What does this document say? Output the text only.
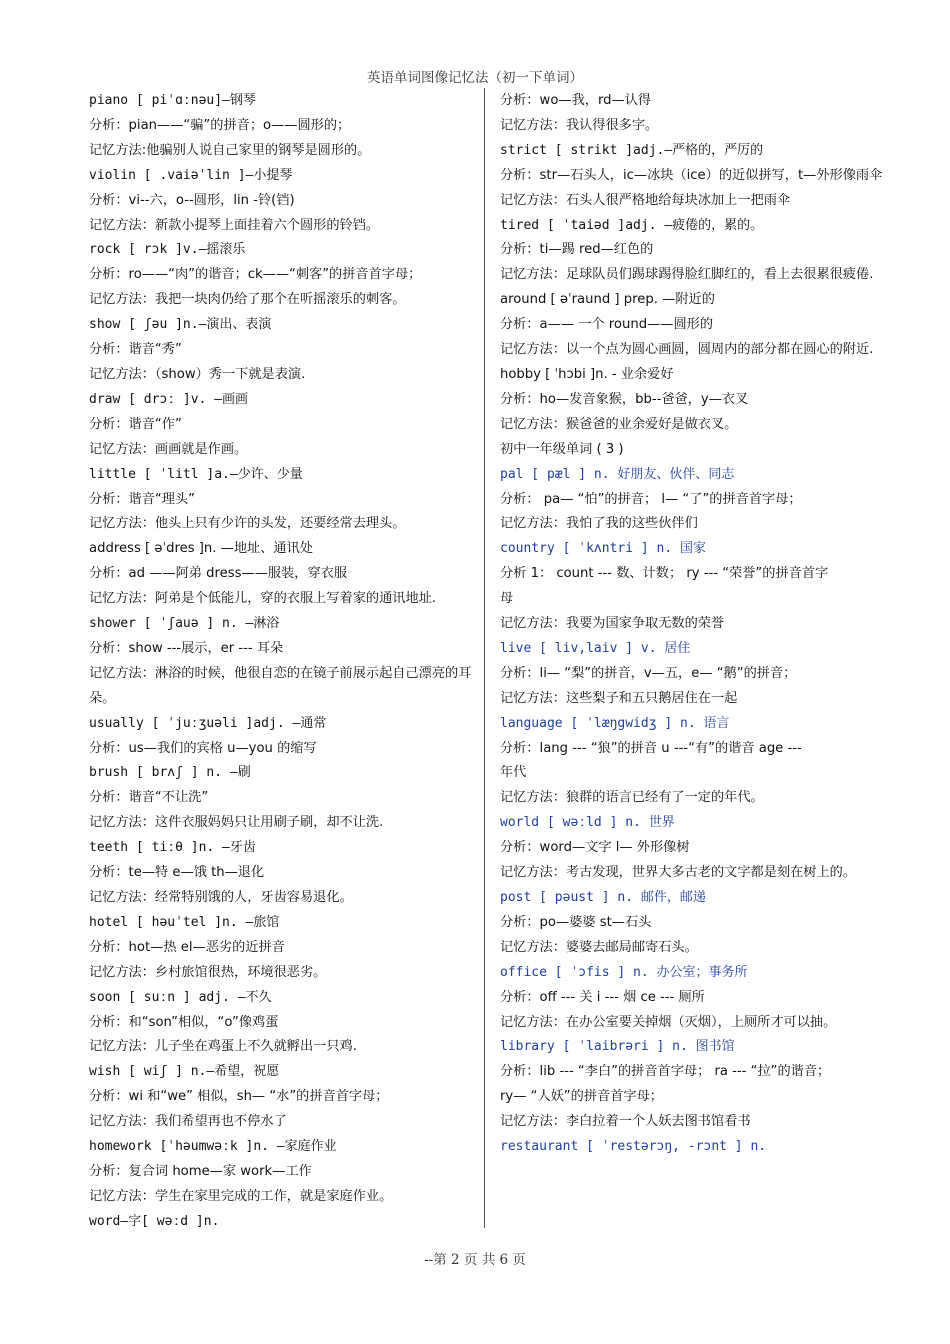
英语单词图像记忆法（初一下单词）
piano [ piˈɑːnəu]—钢琴
分析：pian——“骗”的拼音；o——圆形的；
记忆方法:他骗别人说自己家里的钢琴是圆形的。
violin [ .vaiəˈlin ]—小提琴
分析：vi--六，o--圆形，lin -铃(铛)
记忆方法：新款小提琴上面挂着六个圆形的铃铛。
rock [ rɔk ]v.—摇滚乐
分析：ro——“肉”的谐音；ck——“刺客”的拼音首字母；
记忆方法：我把一块肉仍给了那个在听摇滚乐的刺客。
show [ ʃəu ]n.—演出、表演
分析：谐音“秀”
记忆方法：（show）秀一下就是表演.
draw [ drɔː ]v. —画画
分析：谐音“作”
记忆方法：画画就是作画。
little [ ˈlitl ]a.—少许、少量
分析：谐音“理头”
记忆方法：他头上只有少许的头发，还要经常去理头。
address [ əˈdres ]n. —地址、通讯处
分析：ad ——阿弟 dress——服装，穿衣服
记忆方法：阿弟是个低能儿，穿的衣服上写着家的通讯地址.
shower [ ˈʃauə ] n. —淋浴
分析：show ---展示，er --- 耳朵
记忆方法：淋浴的时候，他很自恋的在镜子前展示起自己漂亮的耳朵。
usually [ ˈjuːʒuəli ]adj. —通常
分析：us—我们的宾格 u—you 的缩写
brush [ brʌʃ ] n. —刷
分析：谐音“不让洗”
记忆方法：这件衣服妈妈只让用刷子刷，却不让洗.
teeth [ tiːθ ]n. —牙齿
分析：te—特 e—饿 th—退化
记忆方法：经常特别饿的人，牙齿容易退化。
hotel [ həuˈtel ]n. —旅馆
分析：hot—热 el—恶劣的近拼音
记忆方法：乡村旅馆很热，环境很恶劣。
soon [ suːn ] adj. —不久
分析：和“son”相似，“o”像鸡蛋
记忆方法：儿子坐在鸡蛋上不久就孵出一只鸡.
wish [ wiʃ ] n.—希望，祝愿
分析：wi 和“we” 相似，sh— “水”的拼音首字母；
记忆方法：我们希望再也不停水了
homework [ˈhəumwəːk ]n. —家庭作业
分析：复合词 home—家 work—工作
记忆方法：学生在家里完成的工作，就是家庭作业。
word—字[ wəːd ]n.
分析：wo—我，rd—认得
记忆方法：我认得很多字。
strict [ strikt ]adj.—严格的，严厉的
分析：str—石头人，ic—冰块（ice）的近似拼写，t—外形像雨伞
记忆方法：石头人很严格地给每块冰加上一把雨伞
tired [ ˈtaiəd ]adj. —疲倦的，累的。
分析：ti—踢 red—红色的
记忆方法：足球队员们踢球踢得脸红脚红的，看上去很累很疲倦.
around [ əˈraund ] prep. —附近的
分析：a—— 一个 round——圆形的
记忆方法：以一个点为圆心画圆，圆周内的部分都在圆心的附近.
hobby [ ˈhɔbi ]n. - 业余爱好
分析：ho—发音象猴，bb--爸爸，y—衣叉
记忆方法：猴爸爸的业余爱好是做衣叉。
初中一年级单词 ( 3 )
pal [ pæl ] n. 好朋友、伙伴、同志
分析： pa— “怕”的拼音； l— “了”的拼音首字母；
记忆方法：我怕了我的这些伙伴们
country [ ˈkʌntri ] n. 国家
分析 1： count --- 数、计数； ry --- “荣誉”的拼音首字
母
记忆方法：我要为国家争取无数的荣誉
live [ liv,laiv ] v. 居住
分析：li— “梨”的拼音，v—五，e— “鹅”的拼音；
记忆方法：这些梨子和五只鹅居住在一起
language [ ˈlæŋgwidʒ ] n. 语言
分析：lang --- “狼”的拼音 u ---“有”的谐音 age ---
年代
记忆方法：狼群的语言已经有了一定的年代。
world [ wəːld ] n. 世界
分析：word—文字 l— 外形像树
记忆方法：考古发现，世界大多古老的文字都是刻在树上的。
post [ pəust ] n. 邮件，邮递
分析：po—婆婆 st—石头
记忆方法：婆婆去邮局邮寄石头。
office [ ˈɔfis ] n. 办公室；事务所
分析：off --- 关 i --- 烟 ce --- 厕所
记忆方法：在办公室要关掉烟（灭烟），上厕所才可以抽。
library [ ˈlaibrəri ] n. 图书馆
分析：lib --- “李白”的拼音首字母； ra --- “拉”的谐音；
ry— “人妖”的拼音首字母；
记忆方法：李白拉着一个人妖去图书馆看书
restaurant [ ˈrestərɔŋ, -rɔnt ] n.
--第 2 页 共 6 页
